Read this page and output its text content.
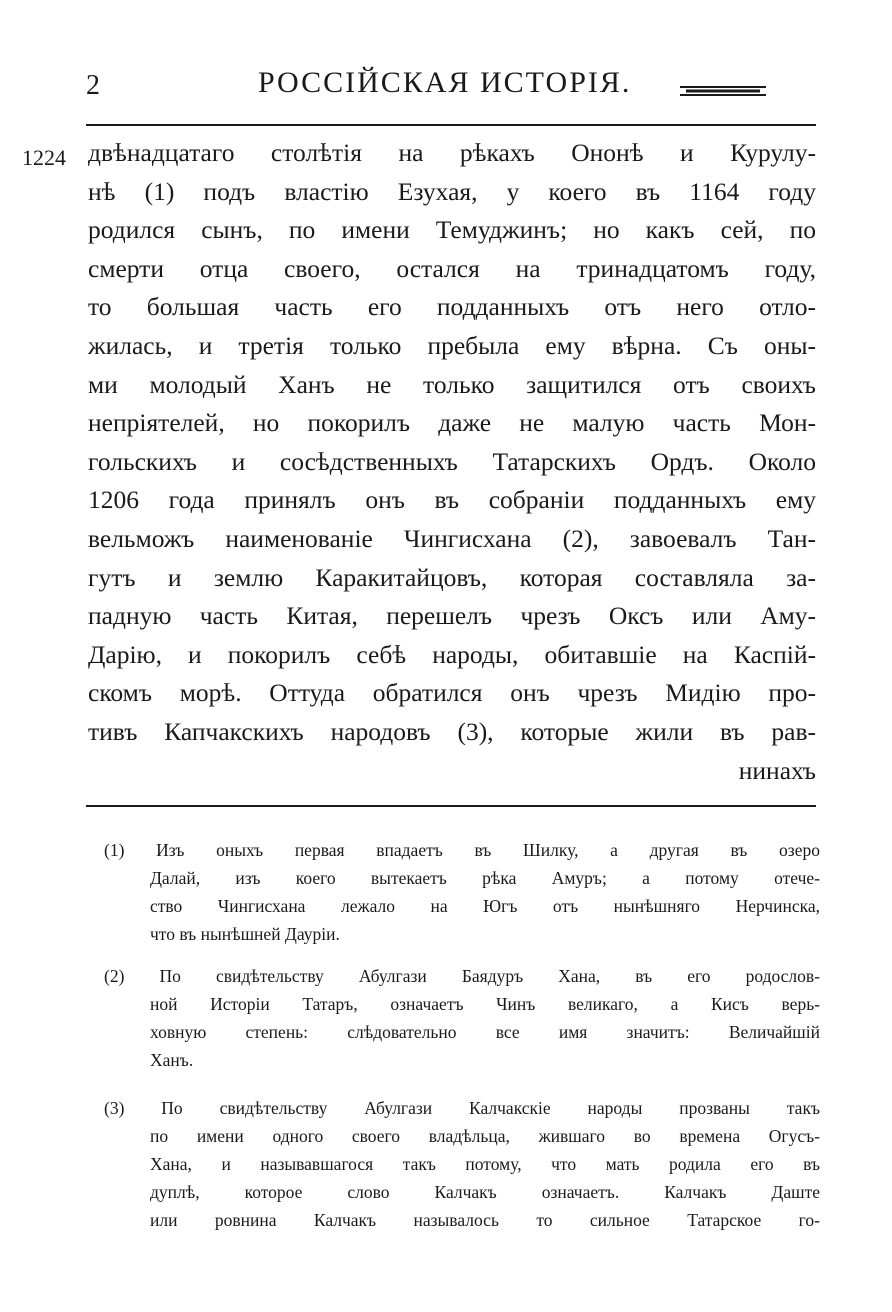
2	РОССІЙСКАЯ ИСТОРІЯ.
1224 двѣнадцатаго столѣтія на рѣкахъ Ононѣ и Курулу-
нѣ (1) подъ властію Езухая, у коего въ 1164 году
родился сынъ, по имени Темуджинъ; но какъ сей, по
смерти отца своего, остался на тринадцатомъ году,
то большая часть его подданныхъ отъ него отло-
жилась, и третія только пребыла ему вѣрна. Съ оны-
ми молодый Ханъ не только защитился отъ своихъ
непріятелей, но покорилъ даже не малую часть Мон-
гольскихъ и сосѣдственныхъ Татарскихъ Ордъ. Около
1206 года принялъ онъ въ собраніи подданныхъ ему
вельможъ наименованіе Чингисхана (2), завоевалъ Тан-
гутъ и землю Каракитайцовъ, которая составляла за-
падную часть Китая, перешелъ чрезъ Оксъ или Аму-
Дарію, и покорилъ себѣ народы, обитавшіе на Каспій-
скомъ морѣ. Оттуда обратился онъ чрезъ Мидію про-
тивъ Капчакскихъ народовъ (3), которые жили въ рав-
нинахъ
(1) Изъ оныхъ первая впадаетъ въ Шилку, а другая въ озеро
Далай, изъ коего вытекаетъ рѣка Амуръ; а потому отече-
ство Чингисхана лежало на Югъ отъ нынѣшняго Нерчинска,
что въ нынѣшней Дауріи.
(2) По свидѣтельству Абулгази Баядуръ Хана, въ его родослов-
ной Исторіи Татаръ, означаетъ Чинъ великаго, а Кисъ верь-
ховную степень: слѣдовательно все имя значитъ: Величайшій
Ханъ.
(3) По свидѣтельству Абулгази Калчакскіе народы прозваны такъ
по имени одного своего владѣльца, жившаго во времена Огусъ-
Хана, и называвшагося такъ потому, что мать родила его въ
дуплѣ, которое слово Калчакъ означаетъ. Калчакъ Даште
или ровнина Калчакъ называлось то сильное Татарское го-
